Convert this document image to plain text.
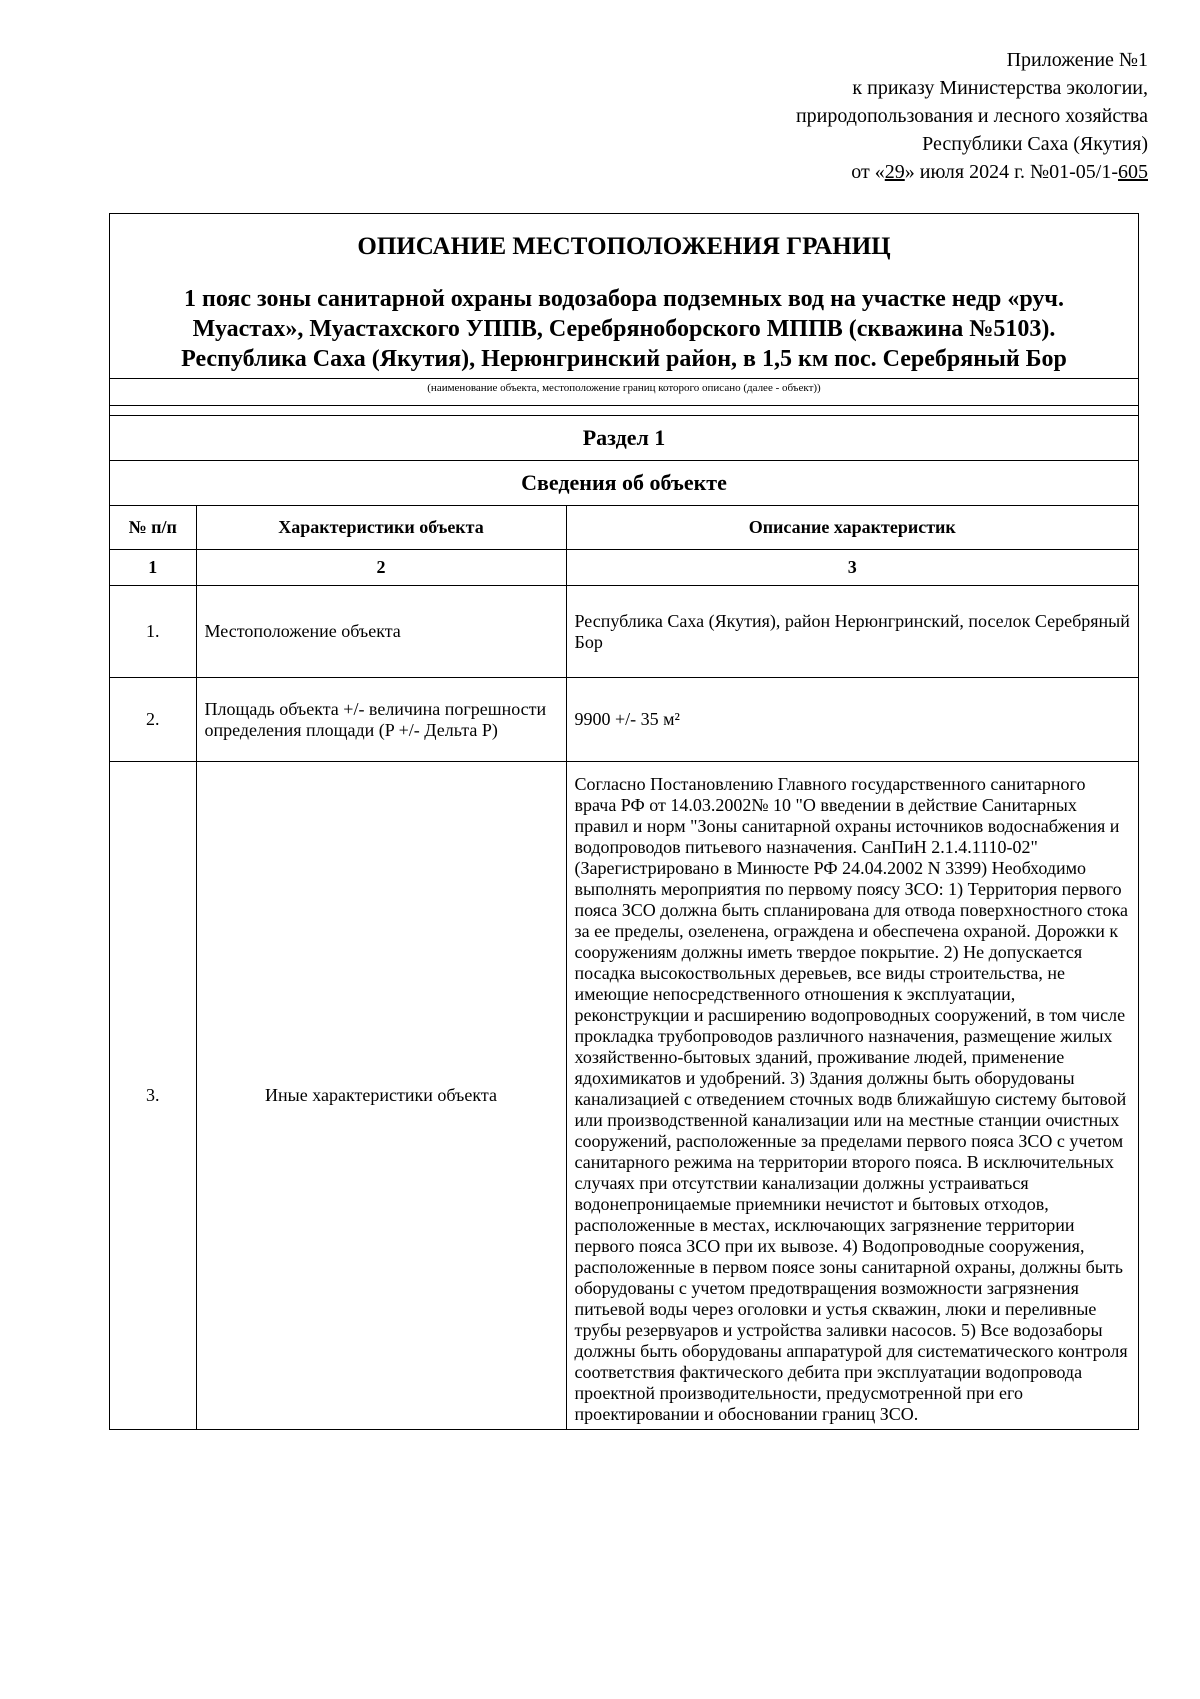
Приложение №1
к приказу Министерства экологии,
природопользования и лесного хозяйства
Республики Саха (Якутия)
от «29» июля 2024 г. №01-05/1-605
ОПИСАНИЕ МЕСТОПОЛОЖЕНИЯ ГРАНИЦ
1 пояс зоны санитарной охраны водозабора подземных вод на участке недр «руч. Муастах», Муастахского УППВ, Серебряноборского МППВ (скважина №5103). Республика Саха (Якутия), Нерюнгринский район, в 1,5 км пос. Серебряный Бор
(наименование объекта, местоположение границ которого описано (далее - объект))
Раздел 1
Сведения об объекте
№ п/п	Характеристики объекта	Описание характеристик
1	2	3
1.	Местоположение объекта	Республика Саха (Якутия), район Нерюнгринский, поселок Серебряный Бор
2.	Площадь объекта +/- величина погрешности определения площади (P +/- Дельта P)	9900 +/- 35 м²
3.	Иные характеристики объекта	Согласно Постановлению Главного государственного санитарного врача РФ от 14.03.2002№ 10 "О введении в действие Санитарных правил и норм "Зоны санитарной охраны источников водоснабжения и водопроводов питьевого назначения. СанПиН 2.1.4.1110-02" (Зарегистрировано в Минюсте РФ 24.04.2002 N 3399) Необходимо выполнять мероприятия по первому поясу ЗСО: 1) Территория первого пояса ЗСО должна быть спланирована для отвода поверхностного стока за ее пределы, озеленена, ограждена и обеспечена охраной. Дорожки к сооружениям должны иметь твердое покрытие. 2) Не допускается посадка высокоствольных деревьев, все виды строительства, не имеющие непосредственного отношения к эксплуатации, реконструкции и расширению водопроводных сооружений, в том числе прокладка трубопроводов различного назначения, размещение жилых хозяйственно-бытовых зданий, проживание людей, применение ядохимикатов и удобрений. 3) Здания должны быть оборудованы канализацией с отведением сточных водв ближайшую систему бытовой или производственной канализации или на местные станции очистных сооружений, расположенные за пределами первого пояса ЗСО с учетом санитарного режима на территории второго пояса. В исключительных случаях при отсутствии канализации должны устраиваться водонепроницаемые приемники нечистот и бытовых отходов, расположенные в местах, исключающих загрязнение территории первого пояса ЗСО при их вывозе. 4) Водопроводные сооружения, расположенные в первом поясе зоны санитарной охраны, должны быть оборудованы с учетом предотвращения возможности загрязнения питьевой воды через оголовки и устья скважин, люки и переливные трубы резервуаров и устройства заливки насосов. 5) Все водозаборы должны быть оборудованы аппаратурой для систематического контроля соответствия фактического дебита при эксплуатации водопровода проектной производительности, предусмотренной при его проектировании и обосновании границ ЗСО.
